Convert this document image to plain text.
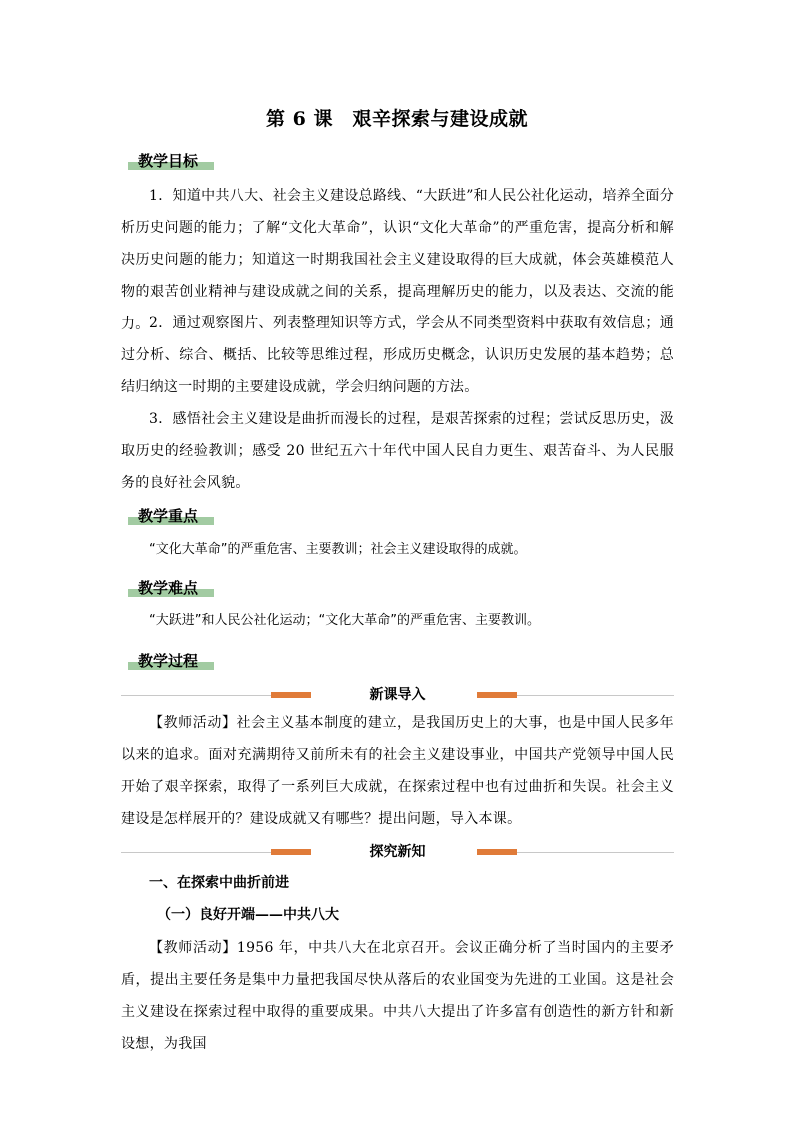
第 6 课　艰辛探索与建设成就
教学目标

1．知道中共八大、社会主义建设总路线、“大跃进”和人民公社化运动，培养全面分析历史问题的能力；了解“文化大革命”，认识“文化大革命”的严重危害，提高分析和解决历史问题的能力；知道这一时期我国社会主义建设取得的巨大成就，体会英雄模范人物的艰苦创业精神与建设成就之间的关系，提高理解历史的能力，以及表达、交流的能力。 2．通过观察图片、列表整理知识等方式，学会从不同类型资料中获取有效信息；通过分析、综合、概括、比较等思维过程，形成历史概念，认识历史发展的基本趋势；总结归纳这一时期的主要建设成就，学会归纳问题的方法。

3．感悟社会主义建设是曲折而漫长的过程，是艰苦探索的过程；尝试反思历史，汲取历史的经验教训；感受 20 世纪五六十年代中国人民自力更生、艰苦奋斗、为人民服务的良好社会风貌。

教学重点
“文化大革命”的严重危害、主要教训；社会主义建设取得的成就。
教学难点
“大跃进”和人民公社化运动；“文化大革命”的严重危害、主要教训。
教学过程
新课导入

【教师活动】社会主义基本制度的建立，是我国历史上的大事，也是中国人民多年以来的追求。面对充满期待又前所未有的社会主义建设事业，中国共产党领导中国人民开始了艰辛探索，取得了一系列巨大成就，在探索过程中也有过曲折和失误。社会主义建设是怎样展开的？建设成就又有哪些？提出问题，导入本课。

探究新知
一、在探索中曲折前进
（一）良好开端——中共八大

【教师活动】1956 年，中共八大在北京召开。会议正确分析了当时国内的主要矛盾，提出主要任务是集中力量把我国尽快从落后的农业国变为先进的工业国。这是社会主义建设在探索过程中取得的重要成果。中共八大提出了许多富有创造性的新方针和新设想，为我国
